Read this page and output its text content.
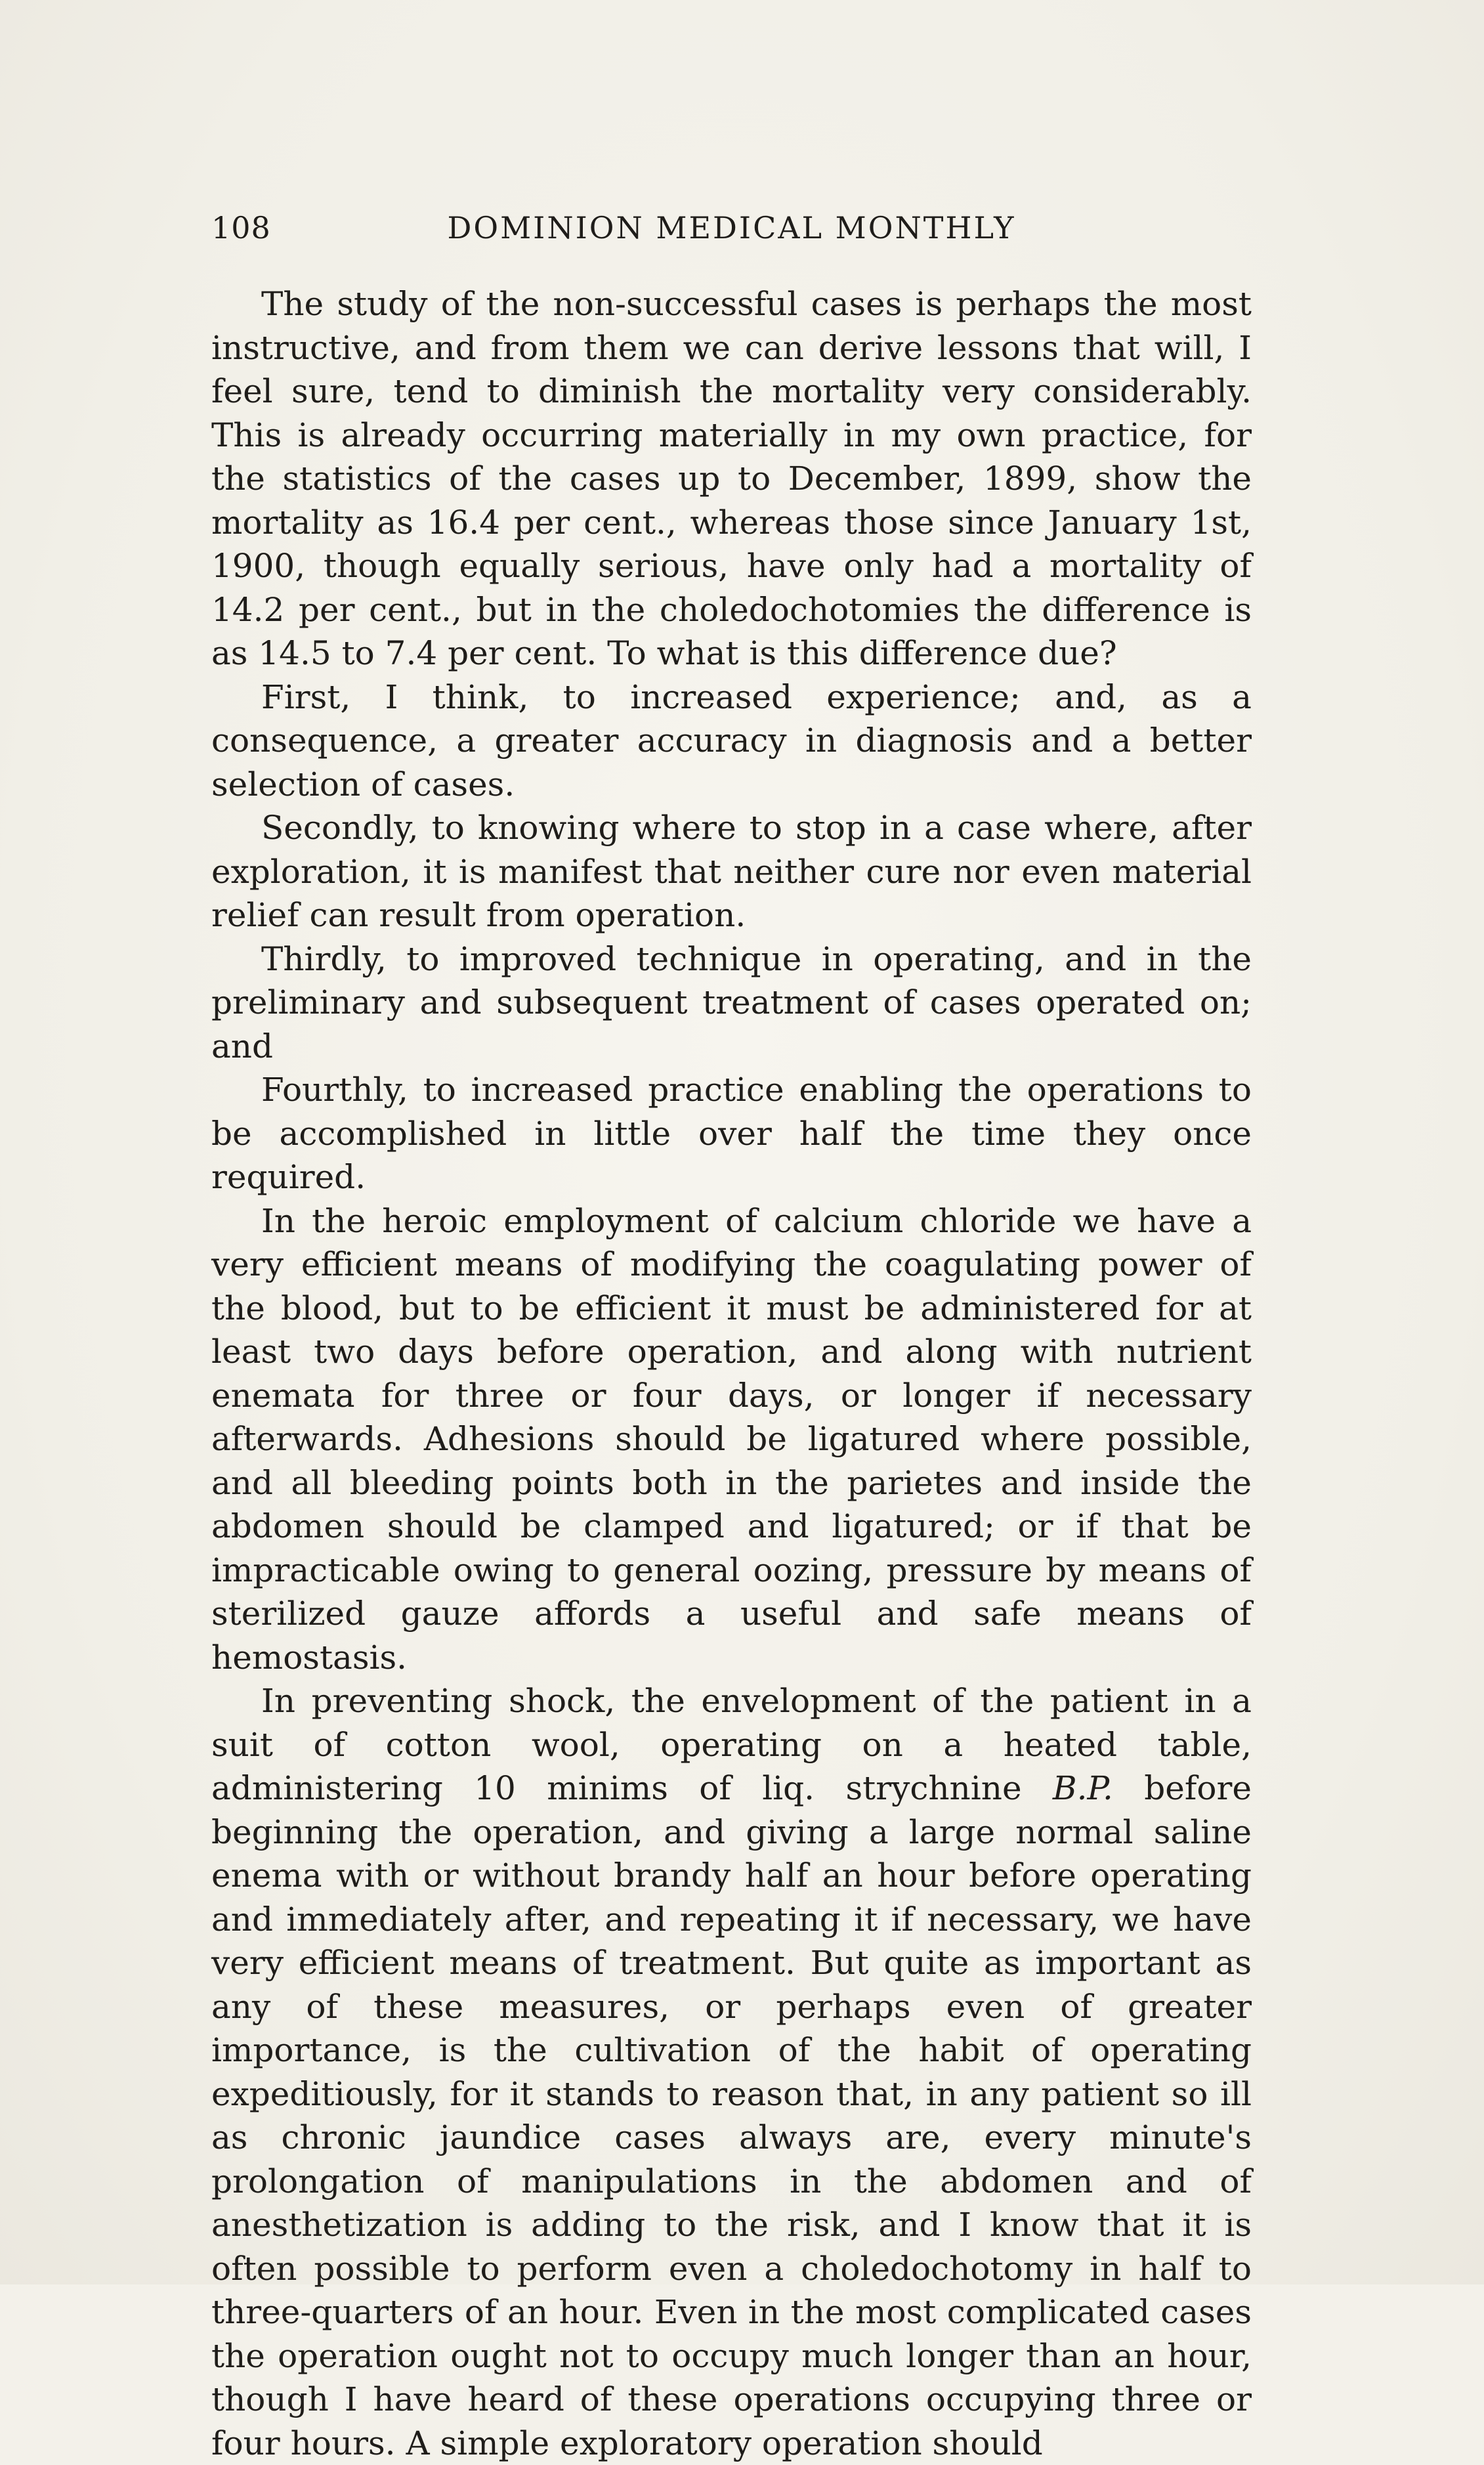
108	DOMINION MEDICAL MONTHLY

The study of the non-successful cases is perhaps the most instructive, and from them we can derive lessons that will, I feel sure, tend to diminish the mortality very considerably. This is already occurring materially in my own practice, for the statistics of the cases up to December, 1899, show the mortality as 16.4 per cent., whereas those since January 1st, 1900, though equally serious, have only had a mortality of 14.2 per cent., but in the choledochotomies the difference is as 14.5 to 7.4 per cent. To what is this difference due?

First, I think, to increased experience; and, as a consequence, a greater accuracy in diagnosis and a better selection of cases.

Secondly, to knowing where to stop in a case where, after exploration, it is manifest that neither cure nor even material relief can result from operation.

Thirdly, to improved technique in operating, and in the preliminary and subsequent treatment of cases operated on; and

Fourthly, to increased practice enabling the operations to be accomplished in little over half the time they once required.

In the heroic employment of calcium chloride we have a very efficient means of modifying the coagulating power of the blood, but to be efficient it must be administered for at least two days before operation, and along with nutrient enemata for three or four days, or longer if necessary afterwards. Adhesions should be ligatured where possible, and all bleeding points both in the parietes and inside the abdomen should be clamped and ligatured; or if that be impracticable owing to general oozing, pressure by means of sterilized gauze affords a useful and safe means of hemostasis.

In preventing shock, the envelopment of the patient in a suit of cotton wool, operating on a heated table, administering 10 minims of liq. strychnine B.P. before beginning the operation, and giving a large normal saline enema with or without brandy half an hour before operating and immediately after, and repeating it if necessary, we have very efficient means of treatment. But quite as important as any of these measures, or perhaps even of greater importance, is the cultivation of the habit of operating expeditiously, for it stands to reason that, in any patient so ill as chronic jaundice cases always are, every minute's prolongation of manipulations in the abdomen and of anesthetization is adding to the risk, and I know that it is often possible to perform even a choledochotomy in half to three-quarters of an hour. Even in the most complicated cases the operation ought not to occupy much longer than an hour, though I have heard of these operations occupying three or four hours. A simple exploratory operation should
